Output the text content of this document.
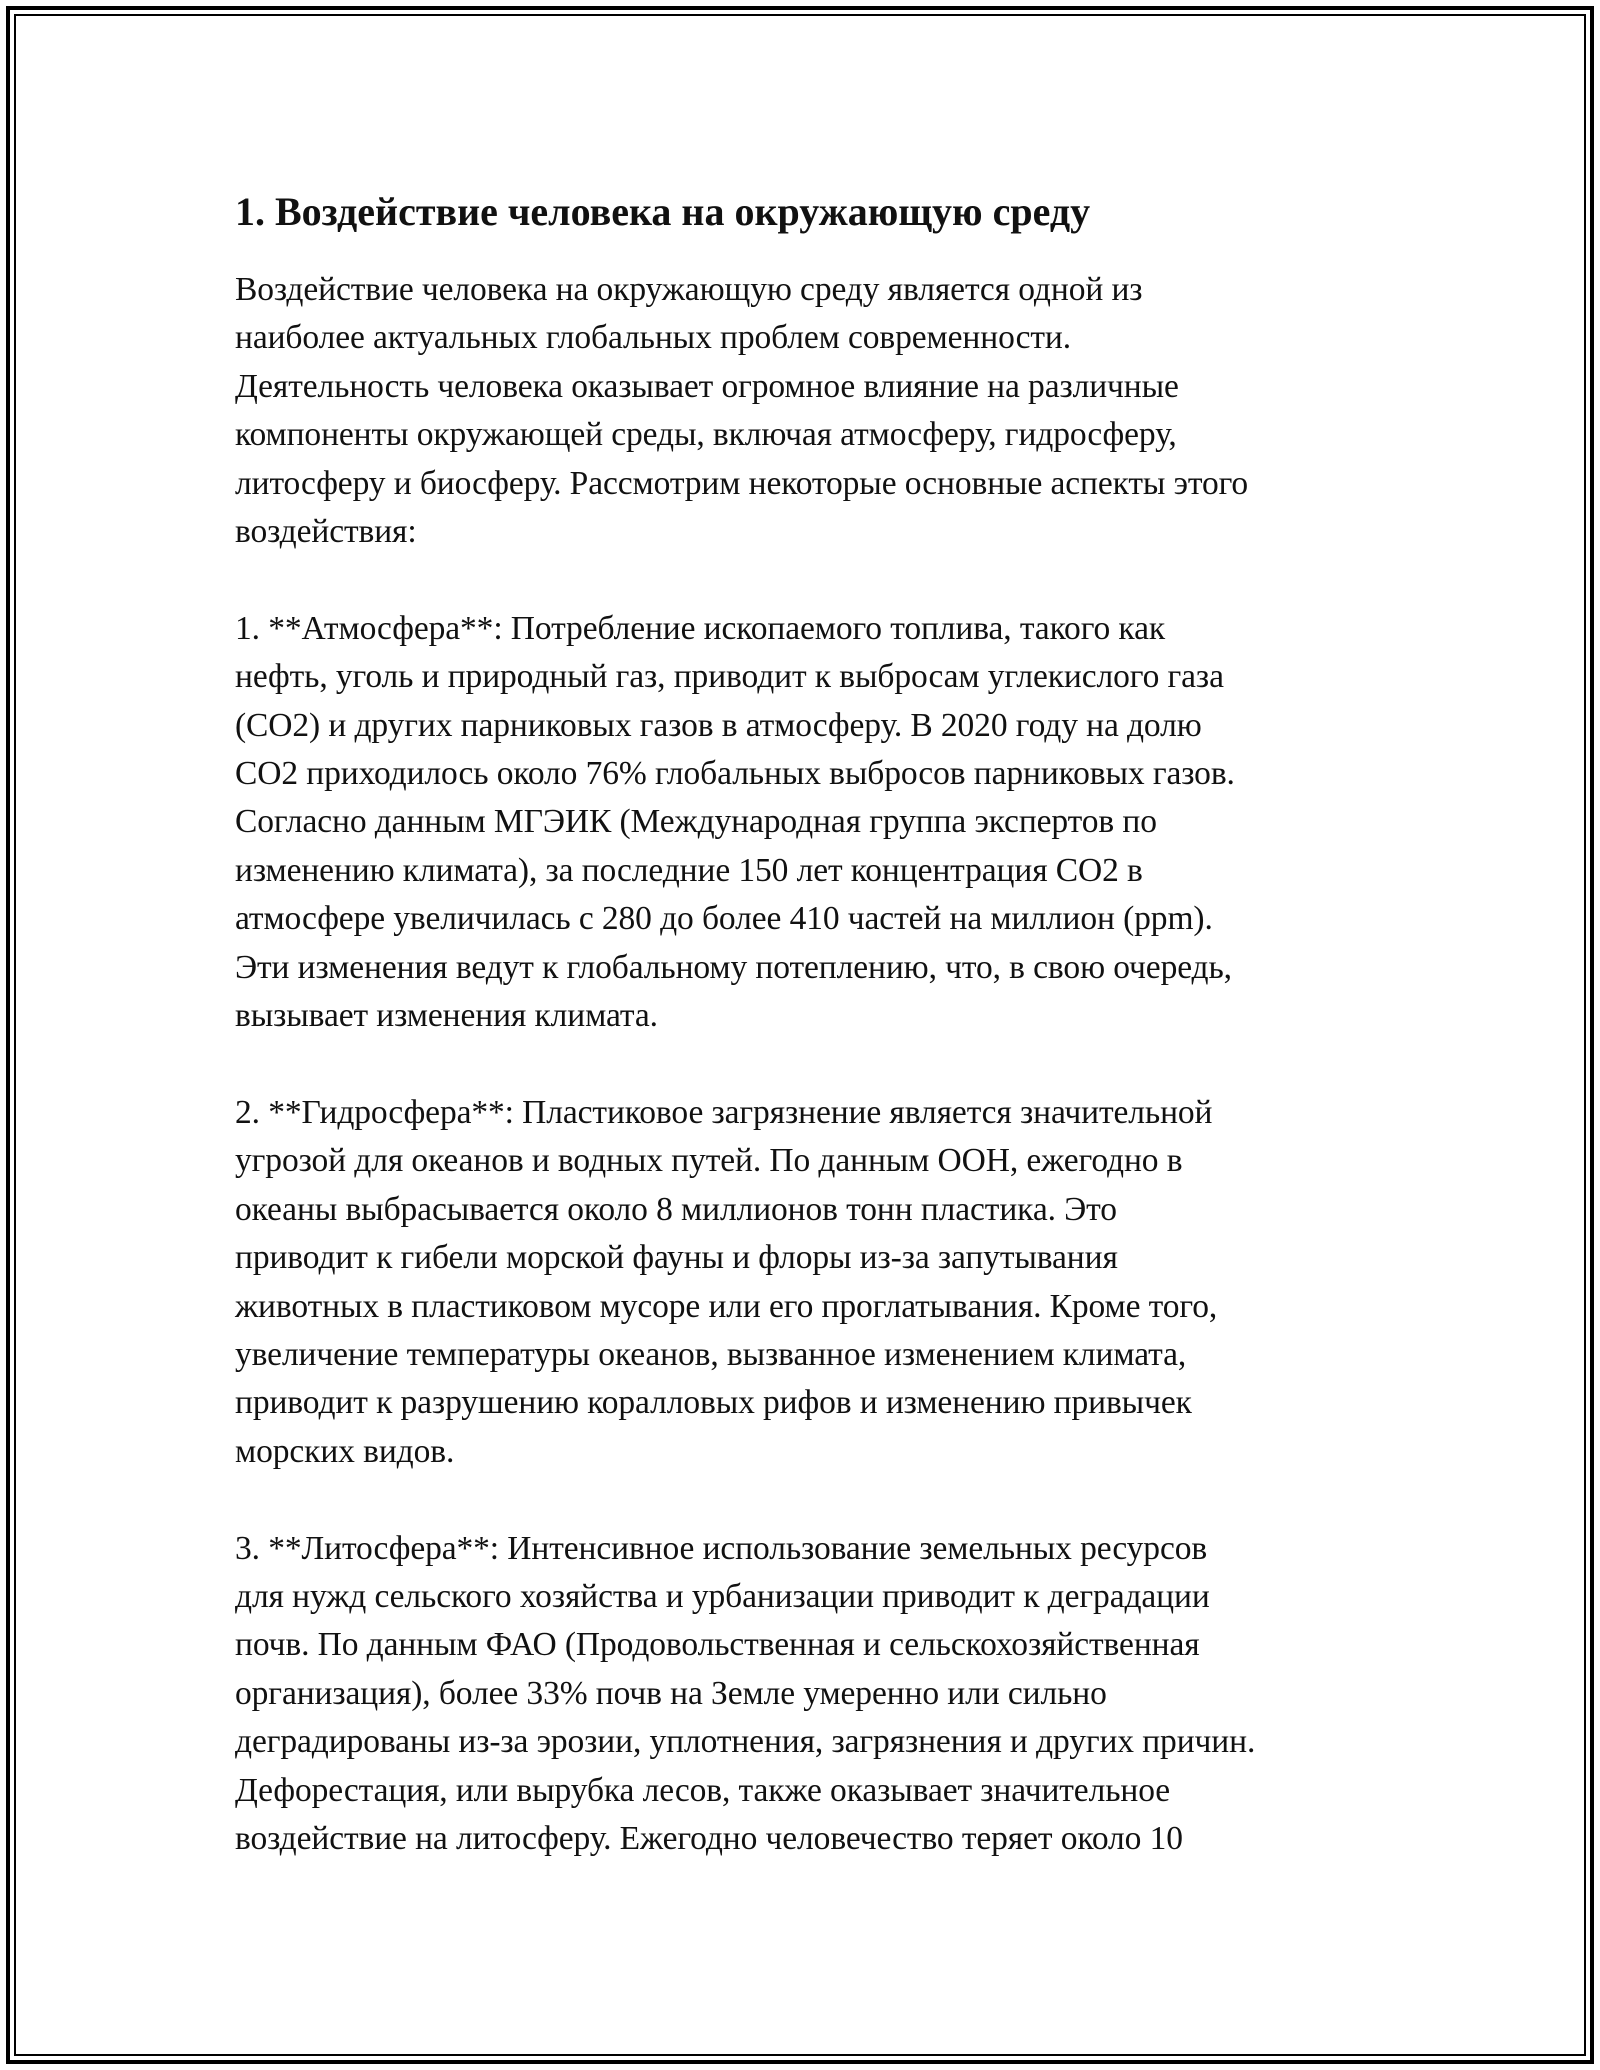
1. Воздействие человека на окружающую среду
Воздействие человека на окружающую среду является одной из
наиболее актуальных глобальных проблем современности.
Деятельность человека оказывает огромное влияние на различные
компоненты окружающей среды, включая атмосферу, гидросферу,
литосферу и биосферу. Рассмотрим некоторые основные аспекты этого
воздействия:
1. **Атмосфера**: Потребление ископаемого топлива, такого как
нефть, уголь и природный газ, приводит к выбросам углекислого газа
(CO2) и других парниковых газов в атмосферу. В 2020 году на долю
CO2 приходилось около 76% глобальных выбросов парниковых газов.
Согласно данным МГЭИК (Международная группа экспертов по
изменению климата), за последние 150 лет концентрация CO2 в
атмосфере увеличилась с 280 до более 410 частей на миллион (ppm).
Эти изменения ведут к глобальному потеплению, что, в свою очередь,
вызывает изменения климата.
2. **Гидросфера**: Пластиковое загрязнение является значительной
угрозой для океанов и водных путей. По данным ООН, ежегодно в
океаны выбрасывается около 8 миллионов тонн пластика. Это
приводит к гибели морской фауны и флоры из-за запутывания
животных в пластиковом мусоре или его проглатывания. Кроме того,
увеличение температуры океанов, вызванное изменением климата,
приводит к разрушению коралловых рифов и изменению привычек
морских видов.
3. **Литосфера**: Интенсивное использование земельных ресурсов
для нужд сельского хозяйства и урбанизации приводит к деградации
почв. По данным ФАО (Продовольственная и сельскохозяйственная
организация), более 33% почв на Земле умеренно или сильно
деградированы из-за эрозии, уплотнения, загрязнения и других причин.
Дефорестация, или вырубка лесов, также оказывает значительное
воздействие на литосферу. Ежегодно человечество теряет около 10
